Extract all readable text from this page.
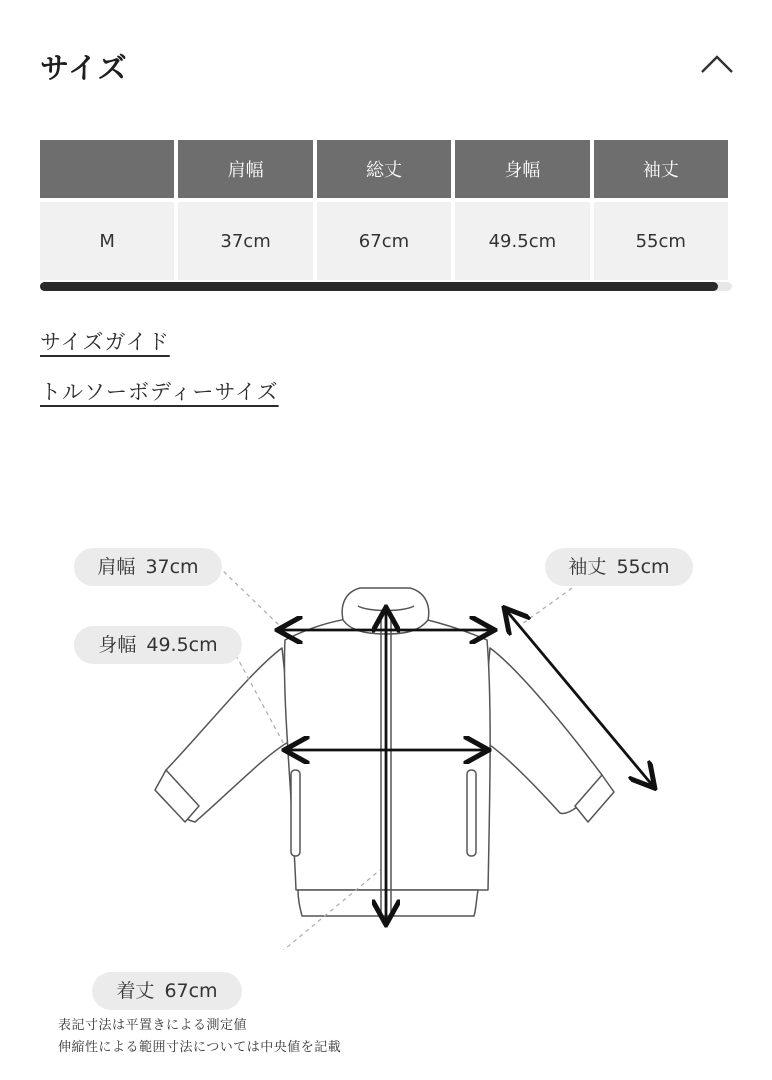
サイズ
	肩幅	総丈	身幅	袖丈
M	37cm	67cm	49.5cm	55cm
サイズガイド
トルソーボディーサイズ
肩幅 37cm
身幅 49.5cm
袖丈 55cm
着丈 67cm
表記寸法は平置きによる測定値
伸縮性による範囲寸法については中央値を記載
